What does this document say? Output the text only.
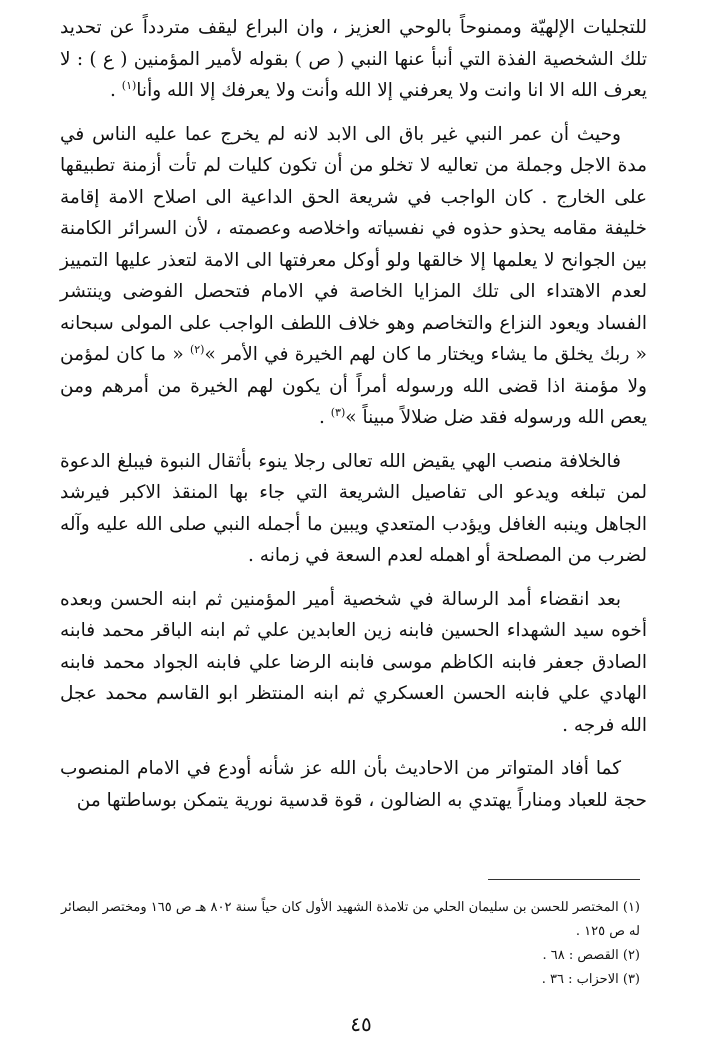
للتجليات الإلهيّة وممنوحاً بالوحي العزيز ، وان البراع ليقف متردداً عن تحديد تلك الشخصية الفذة التي أنبأ عنها النبي ( ص ) بقوله لأمير المؤمنين ( ع ) : لا يعرف الله الا انا وانت ولا يعرفني إلا الله وأنت ولا يعرفك إلا الله وأنا$^{(١)}$ .

وحيث أن عمر النبي غير باق الى الابد لانه لم يخرج عما عليه الناس في مدة الاجل وجملة من تعاليه لا تخلو من أن تكون كليات لم تأت أزمنة تطبيقها على الخارج . كان الواجب في شريعة الحق الداعية الى اصلاح الامة إقامة خليفة مقامه يحذو حذوه في نفسياته واخلاصه وعصمته ، لأن السرائر الكامنة بين الجوانح لا يعلمها إلا خالقها ولو أوكل معرفتها الى الامة لتعذر عليها التمييز لعدم الاهتداء الى تلك المزايا الخاصة في الامام فتحصل الفوضى وينتشر الفساد ويعود النزاع والتخاصم وهو خلاف اللطف الواجب على المولى سبحانه « ربك يخلق ما يشاء ويختار ما كان لهم الخيرة في الأمر »$^{(٢)}$ « ما كان لمؤمن ولا مؤمنة اذا قضى الله ورسوله أمراً أن يكون لهم الخيرة من أمرهم ومن يعص الله ورسوله فقد ضل ضلالاً مبيناً »$^{(٣)}$ .

فالخلافة منصب الهي يقيض الله تعالى رجلا ينوء بأثقال النبوة فيبلغ الدعوة لمن تبلغه ويدعو الى تفاصيل الشريعة التي جاء بها المنقذ الاكبر فيرشد الجاهل وينبه الغافل ويؤدب المتعدي ويبين ما أجمله النبي صلى الله عليه وآله لضرب من المصلحة أو اهمله لعدم السعة في زمانه .

بعد انقضاء أمد الرسالة في شخصية أمير المؤمنين ثم ابنه الحسن وبعده أخوه سيد الشهداء الحسين فابنه زين العابدين علي ثم ابنه الباقر محمد فابنه الصادق جعفر فابنه الكاظم موسى فابنه الرضا علي فابنه الجواد محمد فابنه الهادي علي فابنه الحسن العسكري ثم ابنه المنتظر ابو القاسم محمد عجل الله فرجه .

كما أفاد المتواتر من الاحاديث بأن الله عز شأنه أودع في الامام المنصوب حجة للعباد ومناراً يهتدي به الضالون ، قوة قدسية نورية يتمكن بوساطتها من

(١) المختصر للحسن بن سليمان الحلي من تلامذة الشهيد الأول كان حياً سنة ٨٠٢ هـ ص ١٦٥ ومختصر البصائر له ص ١٢٥ .

(٢) القصص : ٦٨ .

(٣) الاحزاب : ٣٦ .

٤٥
